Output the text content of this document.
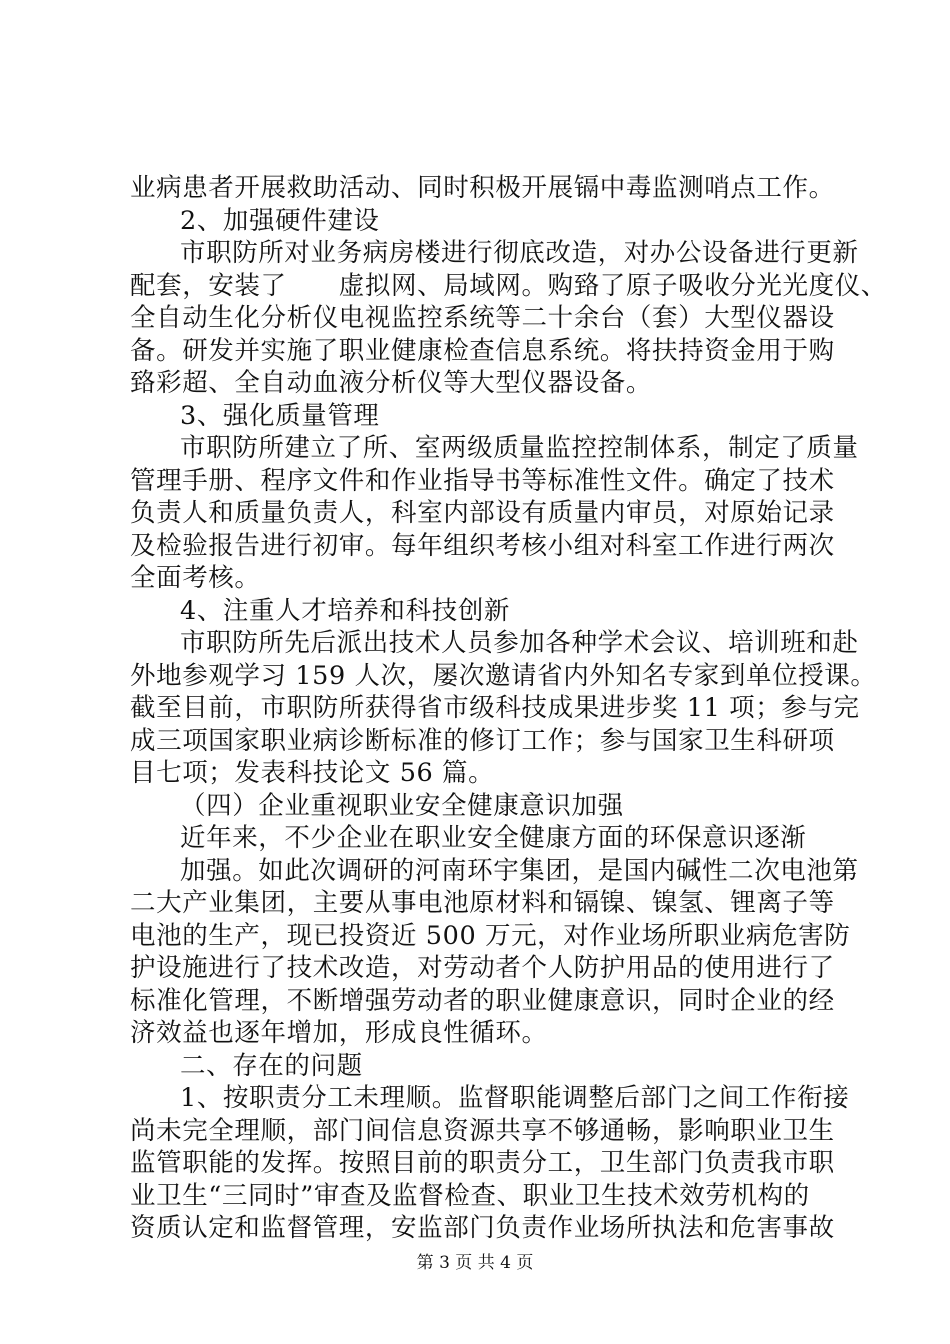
业病患者开展救助活动、同时积极开展镉中毒监测哨点工作。
2、加强硬件建设
市职防所对业务病房楼进行彻底改造，对办公设备进行更新
配套，安装了　　虚拟网、局域网。购臵了原子吸收分光光度仪、
全自动生化分析仪电视监控系统等二十余台（套）大型仪器设
备。研发并实施了职业健康检查信息系统。将扶持资金用于购
臵彩超、全自动血液分析仪等大型仪器设备。
3、强化质量管理
市职防所建立了所、室两级质量监控控制体系，制定了质量
管理手册、程序文件和作业指导书等标准性文件。确定了技术
负责人和质量负责人，科室内部设有质量内审员，对原始记录
及检验报告进行初审。每年组织考核小组对科室工作进行两次
全面考核。
4、注重人才培养和科技创新
市职防所先后派出技术人员参加各种学术会议、培训班和赴
外地参观学习 159 人次，屡次邀请省内外知名专家到单位授课。
截至目前，市职防所获得省市级科技成果进步奖 11 项；参与完
成三项国家职业病诊断标准的修订工作；参与国家卫生科研项
目七项；发表科技论文 56 篇。
（四）企业重视职业安全健康意识加强
近年来，不少企业在职业安全健康方面的环保意识逐渐
加强。如此次调研的河南环宇集团，是国内碱性二次电池第
二大产业集团，主要从事电池原材料和镉镍、镍氢、锂离子等
电池的生产，现已投资近 500 万元，对作业场所职业病危害防
护设施进行了技术改造，对劳动者个人防护用品的使用进行了
标准化管理，不断增强劳动者的职业健康意识，同时企业的经
济效益也逐年增加，形成良性循环。
二、存在的问题
1、按职责分工未理顺。监督职能调整后部门之间工作衔接
尚未完全理顺，部门间信息资源共享不够通畅，影响职业卫生
监管职能的发挥。按照目前的职责分工，卫生部门负责我市职
业卫生“三同时”审查及监督检查、职业卫生技术效劳机构的
资质认定和监督管理，安监部门负责作业场所执法和危害事故
第 3 页 共 4 页
